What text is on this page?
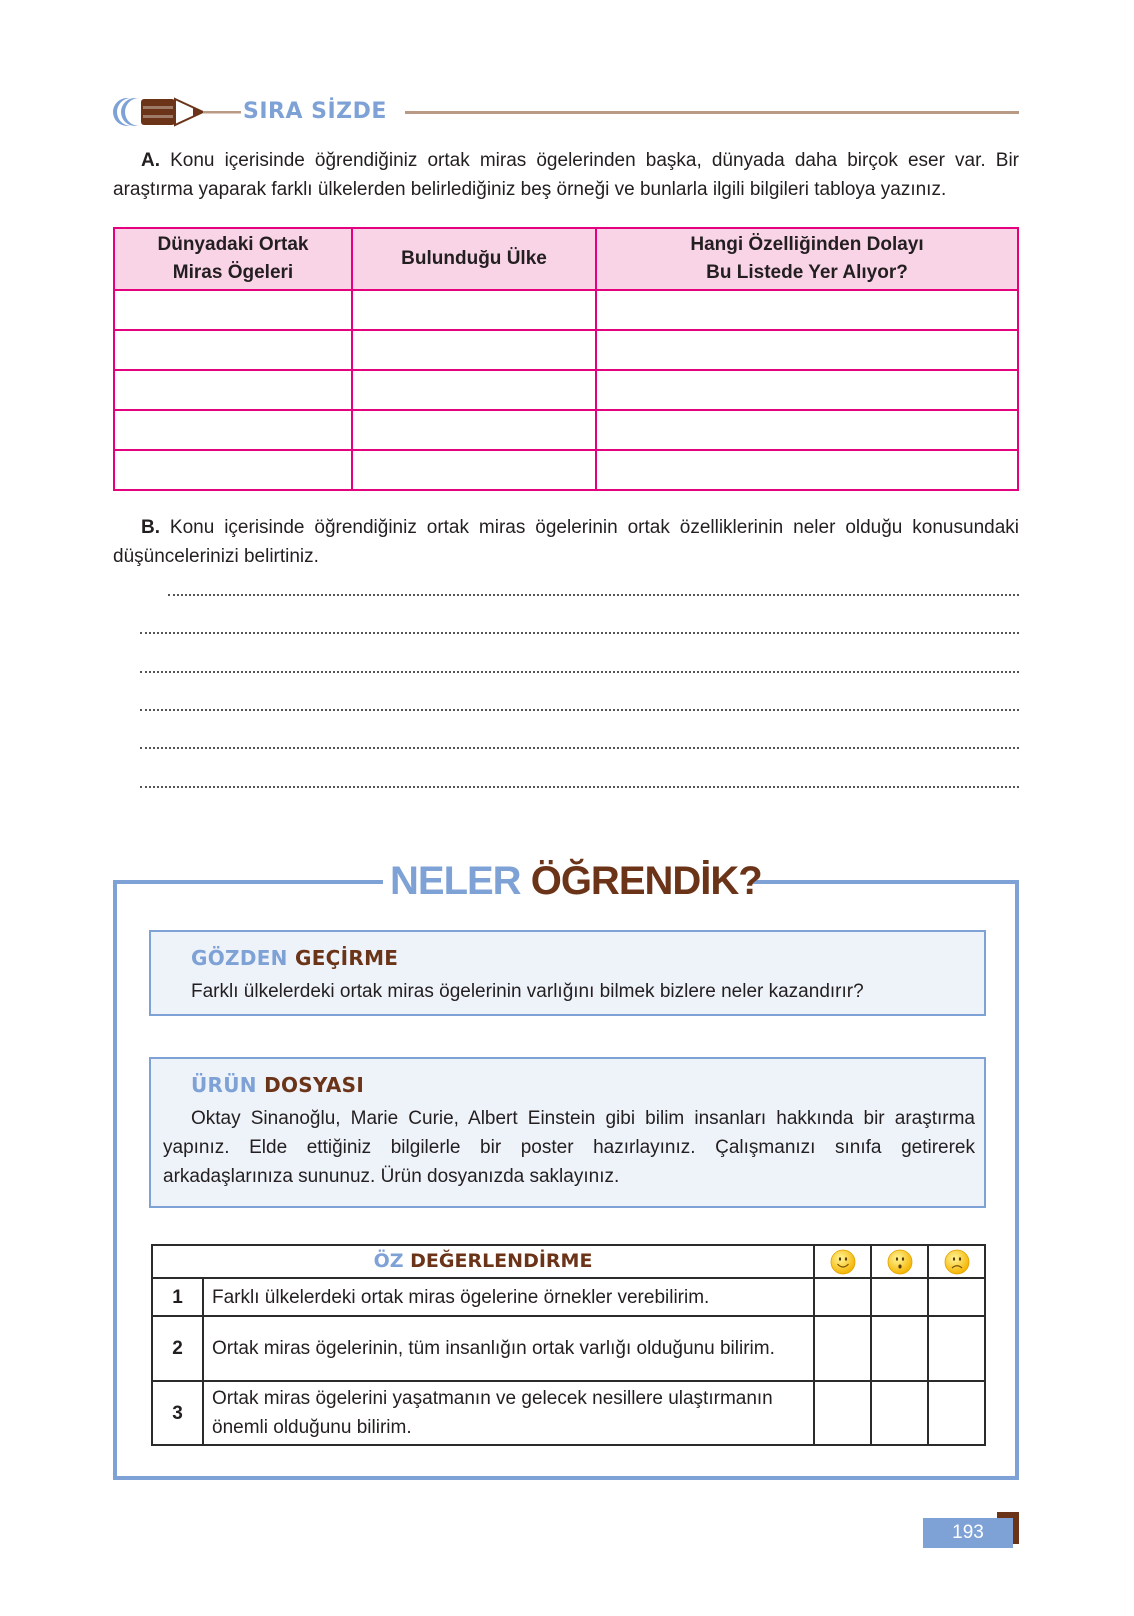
SIRA SİZDE

A. Konu içerisinde öğrendiğiniz ortak miras ögelerinden başka, dünyada daha birçok eser var. Bir araştırma yaparak farklı ülkelerden belirlediğiniz beş örneği ve bunlarla ilgili bilgileri tabloya yazınız.

Dünyadaki Ortak
Miras Ögeleri	Bulunduğu Ülke	Hangi Özelliğinden Dolayı
Bu Listede Yer Alıyor?

B. Konu içerisinde öğrendiğiniz ortak miras ögelerinin ortak özelliklerinin neler olduğu konusundaki düşüncelerinizi belirtiniz.

NELER ÖĞRENDİK?
GÖZDEN GEÇİRME
Farklı ülkelerdeki ortak miras ögelerinin varlığını bilmek bizlere neler kazandırır?
ÜRÜN DOSYASI
Oktay Sinanoğlu, Marie Curie, Albert Einstein gibi bilim insanları hakkında bir araştırma yapınız. Elde ettiğiniz bilgilerle bir poster hazırlayınız. Çalışmanızı sınıfa getirerek arkadaşlarınıza sununuz. Ürün dosyanızda saklayınız.
ÖZ DEĞERLENDİRME			
1	Farklı ülkelerdeki ortak miras ögelerine örnekler verebilirim.			
2	Ortak miras ögelerinin, tüm insanlığın ortak varlığı olduğunu bilirim.			
3	Ortak miras ögelerini yaşatmanın ve gelecek nesillere ulaştırmanın önemli olduğunu bilirim.			
193
